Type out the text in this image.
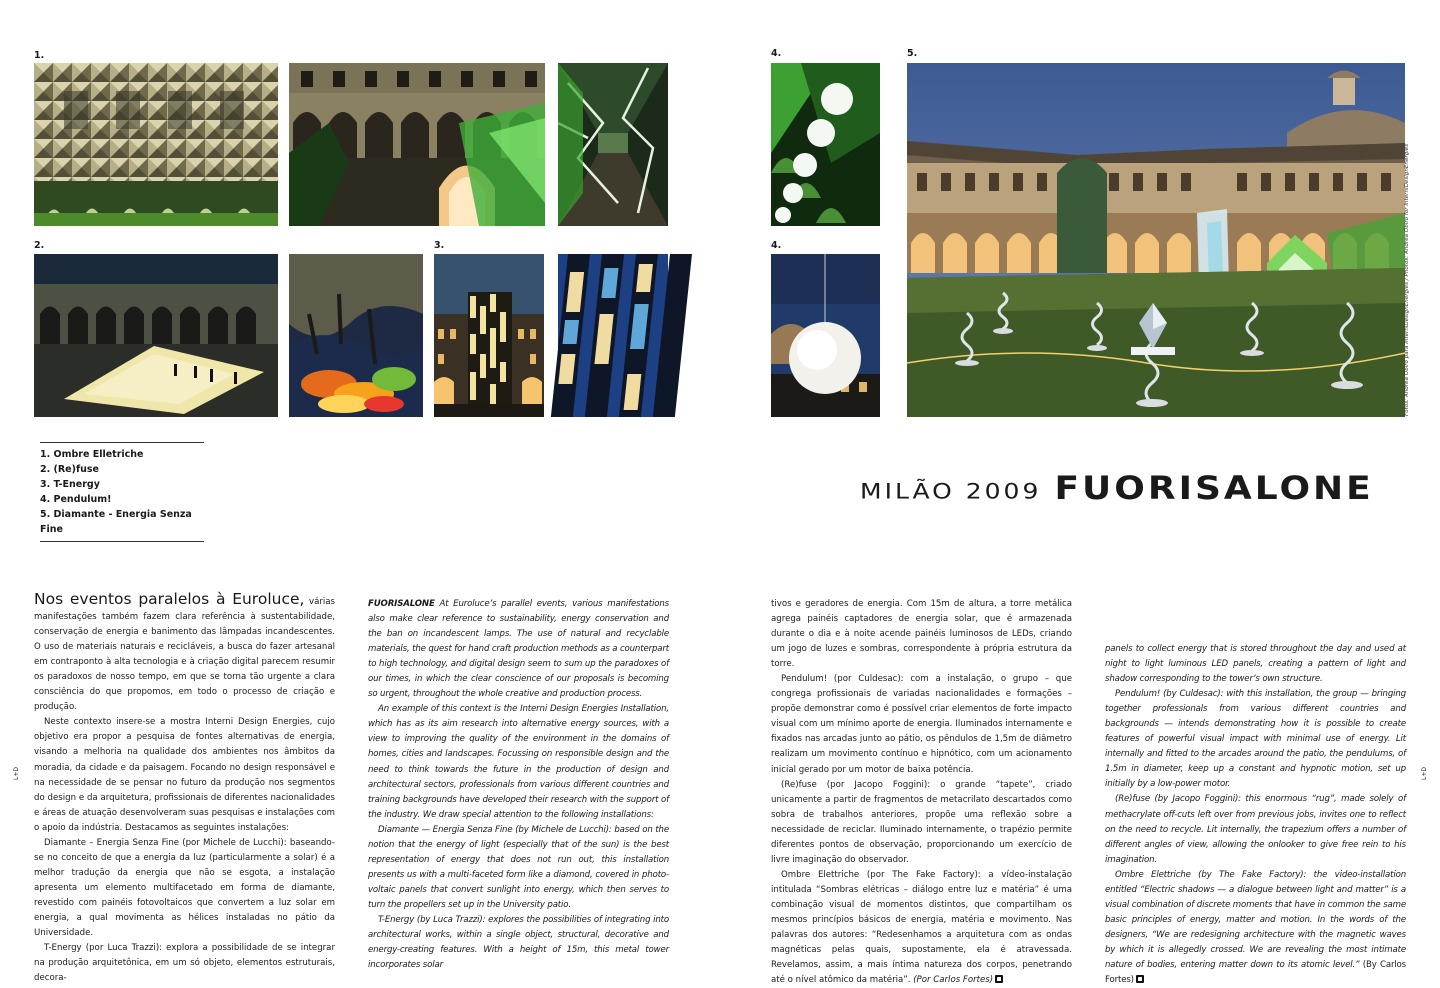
1.
2.	3.
4.
4.
5.
Fotos: Andrea Obiro para InterniDesignEnergies / Photos: Andrea Obiro for InterniDesignEnergies
1. Ombre Elletriche
2. (Re)fuse
3. T-Energy
4. Pendulum!
5. Diamante - Energia Senza Fine
MILÃO 2009 FUORISALONE
L+D	L+D

Nos eventos paralelos à Euroluce, várias manifestações também fazem clara referência à sustentabilidade, conservação de energia e banimento das lâmpadas incandescentes. O uso de materiais naturais e recicláveis, a busca do fazer artesanal em contraponto à alta tecnologia e à criação digital parecem resumir os paradoxos de nosso tempo, em que se torna tão urgente a clara consciência do que propomos, em todo o processo de criação e produção.

Neste contexto insere-se a mostra Interni Design Energies, cujo objetivo era propor a pesquisa de fontes alternativas de energia, visando a melhoria na qualidade dos ambientes nos âmbitos da moradia, da cidade e da paisagem. Focando no design responsável e na necessidade de se pensar no futuro da produção nos segmentos do design e da arquitetura, profissionais de diferentes nacionalidades e áreas de atuação desenvolveram suas pesquisas e instalações com o apoio da indústria. Destacamos as seguintes instalações:

Diamante – Energia Senza Fine (por Michele de Lucchi): baseando-se no conceito de que a energia da luz (particularmente a solar) é a melhor tradução da energia que não se esgota, a instalação apresenta um elemento multifacetado em forma de diamante, revestido com painéis fotovoltaicos que convertem a luz solar em energia, a qual movimenta as hélices instaladas no pátio da Universidade.

T-Energy (por Luca Trazzi): explora a possibilidade de se integrar na produção arquitetônica, em um só objeto, elementos estruturais, decora-

FUORISALONE At Euroluce’s parallel events, various manifestations also make clear reference to sustainability, energy conservation and the ban on incandescent lamps. The use of natural and recyclable materials, the quest for hand craft production methods as a counterpart to high technology, and digital design seem to sum up the paradoxes of our times, in which the clear conscience of our proposals is becoming so urgent, throughout the whole creative and production process.

An example of this context is the Interni Design Energies Installation, which has as its aim research into alternative energy sources, with a view to improving the quality of the environment in the domains of homes, cities and landscapes. Focussing on responsible design and the need to think towards the future in the production of design and architectural sectors, professionals from various different countries and training backgrounds have developed their research with the support of the industry. We draw special attention to the following installations:

Diamante — Energia Senza Fine (by Michele de Lucchi): based on the notion that the energy of light (especially that of the sun) is the best representation of energy that does not run out, this installation presents us with a multi-faceted form like a diamond, covered in photo-voltaic panels that convert sunlight into energy, which then serves to turn the propellers set up in the University patio.

T-Energy (by Luca Trazzi): explores the possibilities of integrating into architectural works, within a single object, structural, decorative and energy-creating features. With a height of 15m, this metal tower incorporates solar

tivos e geradores de energia. Com 15m de altura, a torre metálica agrega painéis captadores de energia solar, que é armazenada durante o dia e à noite acende painéis luminosos de LEDs, criando um jogo de luzes e sombras, correspondente à própria estrutura da torre.

Pendulum! (por Culdesac): com a instalação, o grupo – que congrega profissionais de variadas nacionalidades e formações – propõe demonstrar como é possível criar elementos de forte impacto visual com um mínimo aporte de energia. Iluminados internamente e fixados nas arcadas junto ao pátio, os pêndulos de 1,5m de diâmetro realizam um movimento contínuo e hipnótico, com um acionamento inicial gerado por um motor de baixa potência.

(Re)fuse (por Jacopo Foggini): o grande “tapete”, criado unicamente a partir de fragmentos de metacrilato descartados como sobra de trabalhos anteriores, propõe uma reflexão sobre a necessidade de reciclar. Iluminado internamente, o trapézio permite diferentes pontos de observação, proporcionando um exercício de livre imaginação do observador.

Ombre Elettriche (por The Fake Factory): a vídeo-instalação intitulada “Sombras elétricas – diálogo entre luz e matéria” é uma combinação visual de momentos distintos, que compartilham os mesmos princípios básicos de energia, matéria e movimento. Nas palavras dos autores: “Redesenhamos a arquitetura com as ondas magnéticas pelas quais, supostamente, ela é atravessada. Revelamos, assim, a mais íntima natureza dos corpos, penetrando até o nível atômico da matéria”. (Por Carlos Fortes)

panels to collect energy that is stored throughout the day and used at night to light luminous LED panels, creating a pattern of light and shadow corresponding to the tower’s own structure.

Pendulum! (by Culdesac): with this installation, the group — bringing together professionals from various different countries and backgrounds — intends demonstrating how it is possible to create features of powerful visual impact with minimal use of energy. Lit internally and fitted to the arcades around the patio, the pendulums, of 1.5m in diameter, keep up a constant and hypnotic motion, set up initially by a low-power motor.

(Re)fuse (by Jacopo Foggini): this enormous “rug”, made solely of methacrylate off-cuts left over from previous jobs, invites one to reflect on the need to recycle. Lit internally, the trapezium offers a number of different angles of view, allowing the onlooker to give free rein to his imagination.

Ombre Elettriche (by The Fake Factory): the video-installation entitled “Electric shadows — a dialogue between light and matter” is a visual combination of discrete moments that have in common the same basic principles of energy, matter and motion. In the words of the designers, “We are redesigning architecture with the magnetic waves by which it is allegedly crossed. We are revealing the most intimate nature of bodies, entering matter down to its atomic level.” (By Carlos Fortes)
